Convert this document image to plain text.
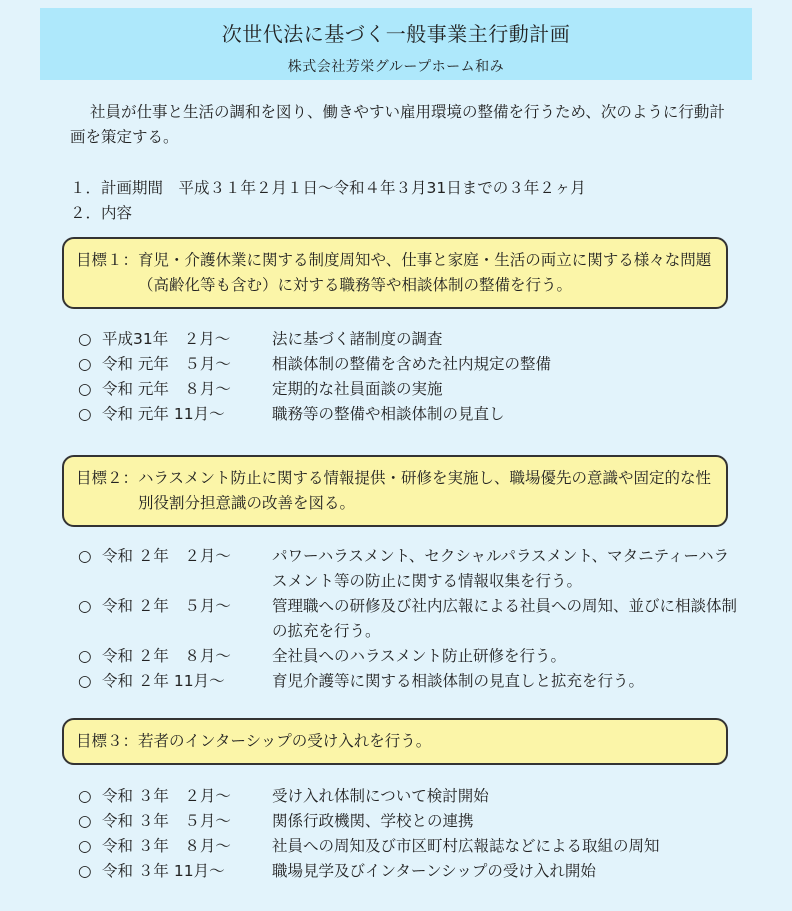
次世代法に基づく一般事業主行動計画
株式会社芳栄グループホーム和み
社員が仕事と生活の調和を図り、働きやすい雇用環境の整備を行うため、次のように行動計画を策定する。
１．計画期間　平成３１年２月１日～令和４年３月31日までの３年２ヶ月
２．内容
目標１： 育児・介護休業に関する制度周知や、仕事と家庭・生活の両立に関する様々な問題（高齢化等も含む）に対する職務等や相談体制の整備を行う。
○ 平成31年　２月～	法に基づく諸制度の調査
○ 令和 元年　５月～	相談体制の整備を含めた社内規定の整備
○ 令和 元年　８月～	定期的な社員面談の実施
○ 令和 元年 11月～	職務等の整備や相談体制の見直し
目標２： ハラスメント防止に関する情報提供・研修を実施し、職場優先の意識や固定的な性別役割分担意識の改善を図る。
○ 令和 ２年　２月～	パワーハラスメント、セクシャルパラスメント、マタニティーハラスメント等の防止に関する情報収集を行う。
○ 令和 ２年　５月～	管理職への研修及び社内広報による社員への周知、並びに相談体制の拡充を行う。
○ 令和 ２年　８月～	全社員へのハラスメント防止研修を行う。
○ 令和 ２年 11月～	育児介護等に関する相談体制の見直しと拡充を行う。
目標３： 若者のインターシップの受け入れを行う。
○ 令和 ３年　２月～	受け入れ体制について検討開始
○ 令和 ３年　５月～	関係行政機関、学校との連携
○ 令和 ３年　８月～	社員への周知及び市区町村広報誌などによる取組の周知
○ 令和 ３年 11月～	職場見学及びインターンシップの受け入れ開始
